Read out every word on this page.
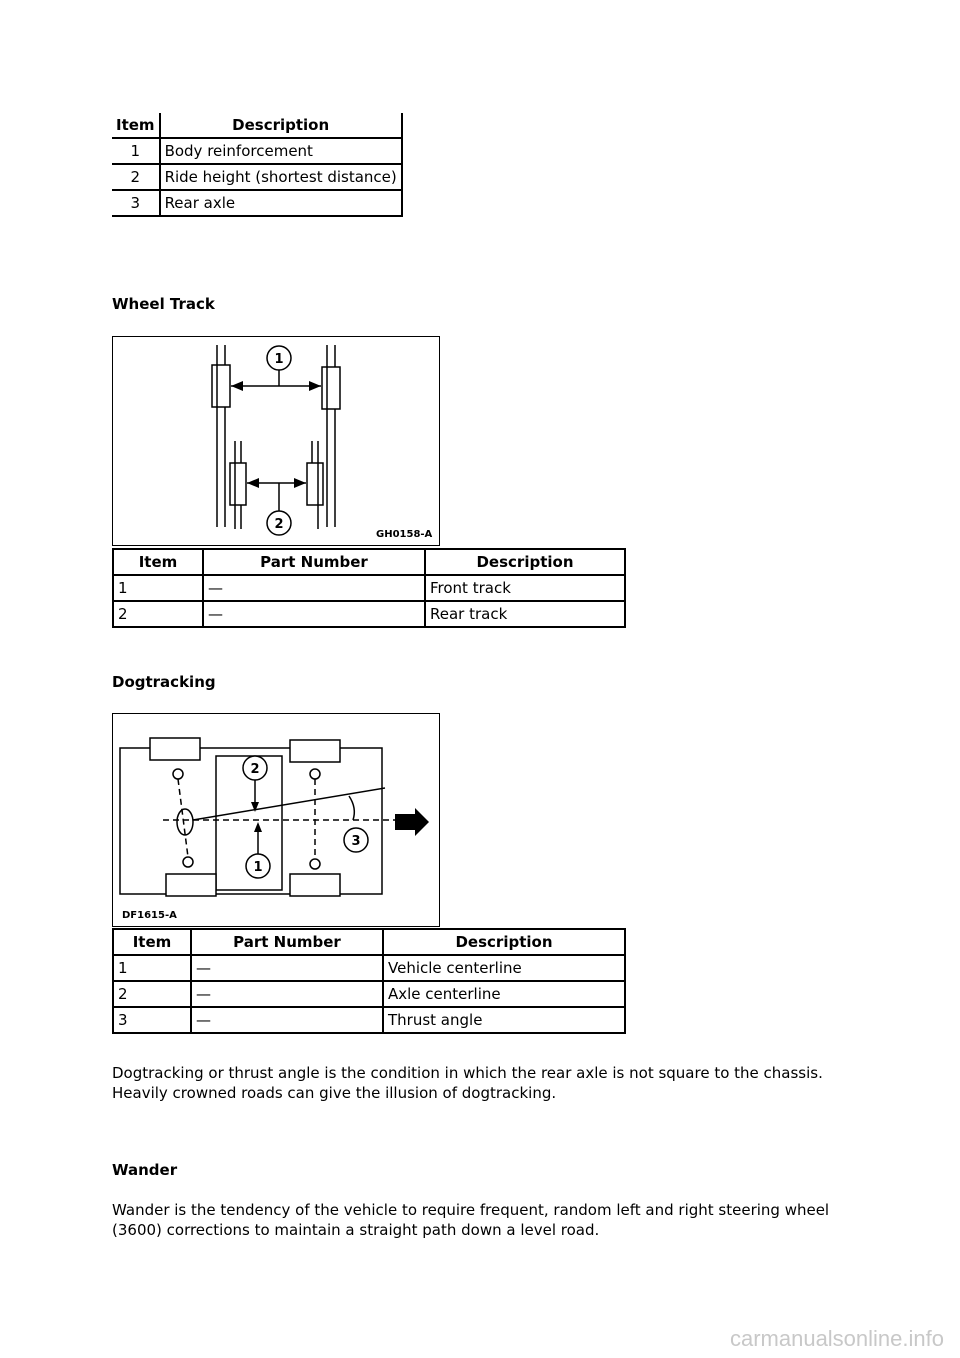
Item	Description
1	Body reinforcement
2	Ride height (shortest distance)
3	Rear axle
Wheel Track
1
2
GH0158-A
Item	Part Number	Description
1	—	Front track
2	—	Rear track
Dogtracking
2
1
3
DF1615-A
Item	Part Number	Description
1	—	Vehicle centerline
2	—	Axle centerline
3	—	Thrust angle
Dogtracking or thrust angle is the condition in which the rear axle is not square to the chassis. Heavily crowned roads can give the illusion of dogtracking.
Wander
Wander is the tendency of the vehicle to require frequent, random left and right steering wheel (3600) corrections to maintain a straight path down a level road.
carmanualsonline.info
